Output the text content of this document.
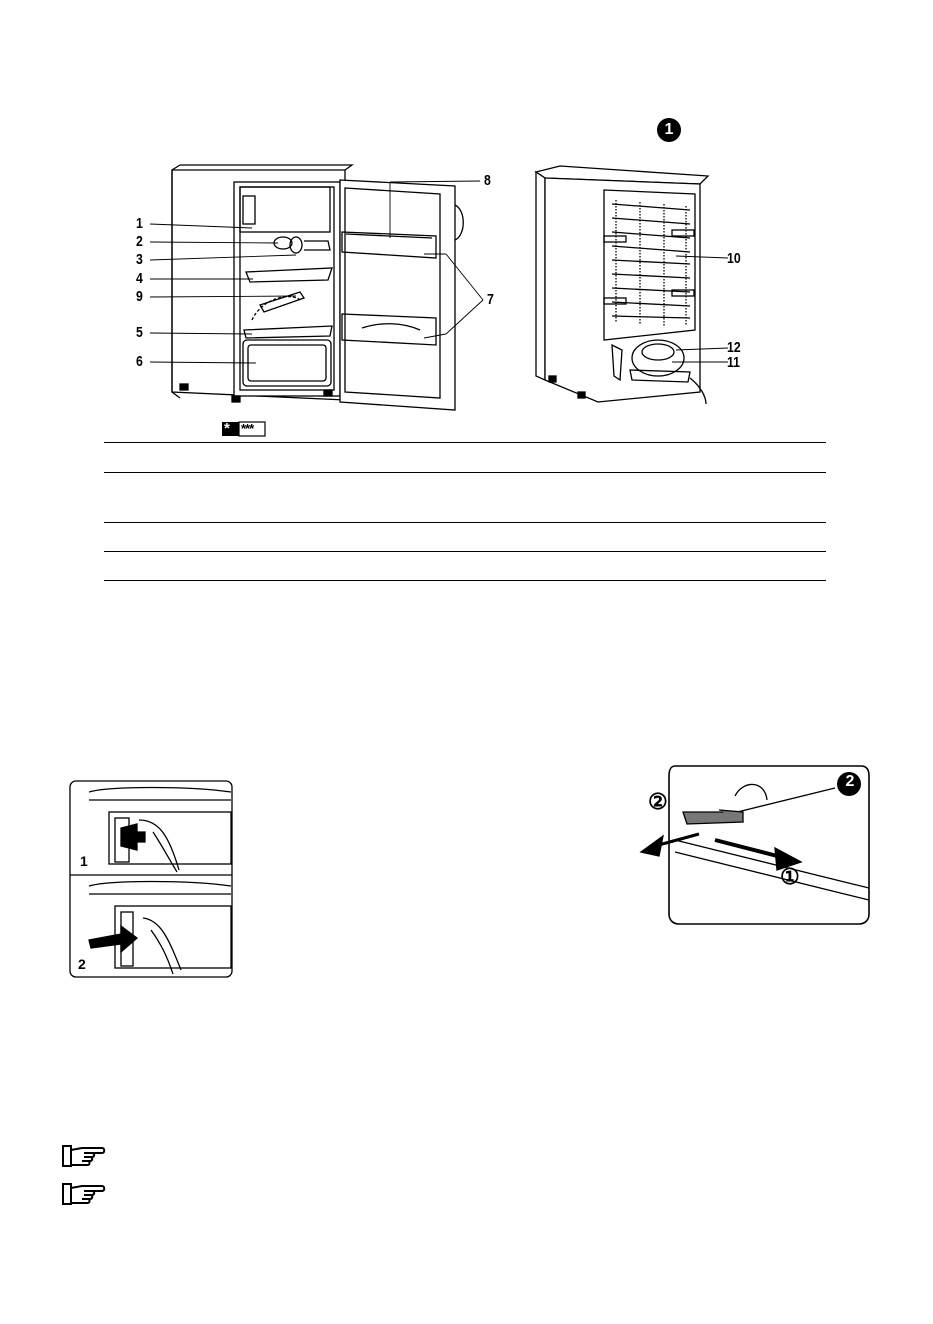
1
* ***
1
2
3
4
9
5
6
8
7
10
12
11
1
2
2
②
①
